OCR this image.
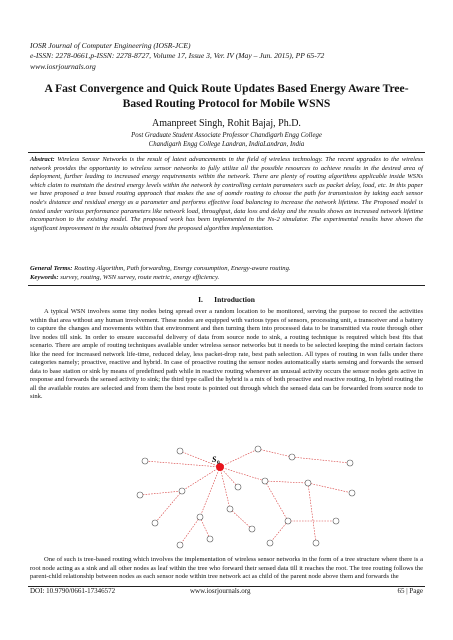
IOSR Journal of Computer Engineering (IOSR-JCE)
e-ISSN: 2278-0661,p-ISSN: 2278-8727, Volume 17, Issue 3, Ver. IV (May – Jun. 2015), PP 65-72
www.iosrjournals.org
A Fast Convergence and Quick Route Updates Based Energy Aware Tree-Based Routing Protocol for Mobile WSNS
Amanpreet Singh, Rohit Bajaj, Ph.D.
Post Graduate Student Associate Professor Chandigarh Engg College
Chandigarh Engg College Landran, IndiaLandran, India
Abstract: Wireless Sensor Networks is the result of latest advancements in the field of wireless technology. The recent upgrades to the wireless network provides the opportunity to wireless sensor networks to fully utilize all the possible resources to achieve results in the desired area of deployment, further leading to increased energy requirements within the network. There are plenty of routing algorithms applicable inside WSNs which claim to maintain the desired energy levels within the network by controlling certain parameters such as packet delay, load, etc. In this paper we have proposed a tree based routing approach that makes the use of aomdv routing to choose the path for transmission by taking each sensor node's distance and residual energy as a parameter and performs effective load balancing to increase the network lifetime. The Proposed model is tested under various performance parameters like network load, throughput, data loss and delay and the results shows an increased network lifetime incomparison to the existing model. The proposed work has been implemented in the Ns-2 simulator. The experimental results have shown the significant improvement in the results obtained from the proposed algorithm implementation.
General Terms: Routing Algorithm, Path forwarding, Energy consumption, Energy-aware routing.
Keywords: survey, routing, WSN survey, route metric, energy efficiency.
I.      Introduction
A typical WSN involves some tiny nodes being spread over a random location to be monitored, serving the purpose to record the activities within that area without any human involvement. These nodes are equipped with various types of sensors, processing unit, a transceiver and a battery to capture the changes and movements within that environment and then turning them into processed data to be transmitted via route through other live nodes till sink. In order to ensure successful delivery of data from source node to sink, a routing technique is required which best fits that scenario. There are ample of routing techniques available under wireless sensor networks but it needs to be selected keeping the mind certain factors like the need for increased network life-time, reduced delay, less packet-drop rate, best path selection. All types of routing in wsn falls under there categories namely; proactive, reactive and hybrid. In case of proactive routing the sensor nodes automatically starts sensing and forwards the sensed data to base station or sink by means of predefined path while in reactive routing whenever an unusual activity occurs the sensor nodes gets active in response and forwards the sensed activity to sink; the third type called the hybrid is a mix of both proactive and reactive routing, In hybrid routing the all the available routes are selected and from them the best route is pointed out through which the sensed data can be forwarded from source node to sink.
S 0
One of such is tree-based routing which involves the implementation of wireless sensor networks in the form of a tree structure where there is a root node acting as a sink and all other nodes as leaf within the tree who forward their sensed data till it reaches the root. The tree routing follows the parent-child relationship between nodes as each sensor node within tree network act as child of the parent node above them and forwards the
DOI: 10.9790/0661-17346572	www.iosrjournals.org	65 | Page
